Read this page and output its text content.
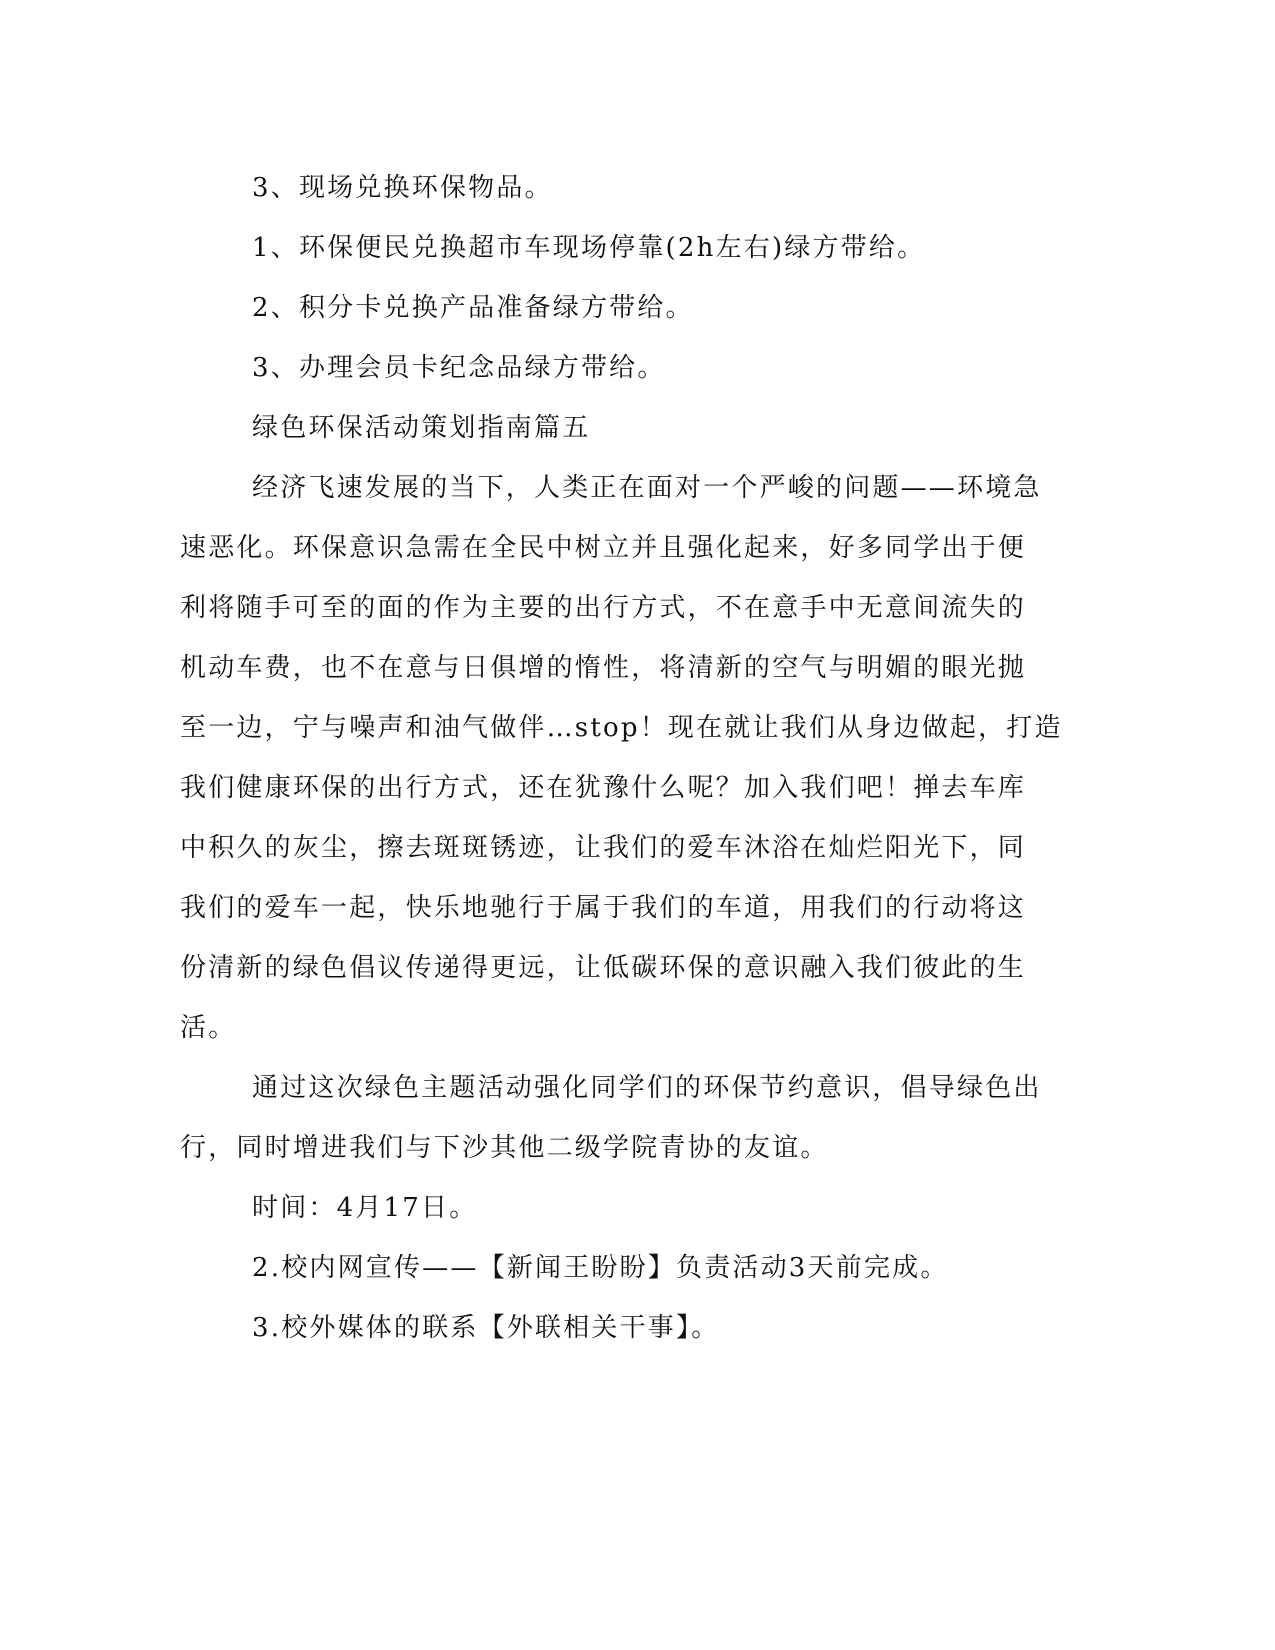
3、现场兑换环保物品。

1、环保便民兑换超市车现场停靠(2h左右)绿方带给。

2、积分卡兑换产品准备绿方带给。

3、办理会员卡纪念品绿方带给。

绿色环保活动策划指南篇五

经济飞速发展的当下，人类正在面对一个严峻的问题——环境急

速恶化。环保意识急需在全民中树立并且强化起来，好多同学出于便

利将随手可至的面的作为主要的出行方式，不在意手中无意间流失的

机动车费，也不在意与日俱增的惰性，将清新的空气与明媚的眼光抛

至一边，宁与噪声和油气做伴…stop！现在就让我们从身边做起，打造

我们健康环保的出行方式，还在犹豫什么呢？加入我们吧！掸去车库

中积久的灰尘，擦去斑斑锈迹，让我们的爱车沐浴在灿烂阳光下，同

我们的爱车一起，快乐地驰行于属于我们的车道，用我们的行动将这

份清新的绿色倡议传递得更远，让低碳环保的意识融入我们彼此的生

活。

通过这次绿色主题活动强化同学们的环保节约意识，倡导绿色出

行，同时增进我们与下沙其他二级学院青协的友谊。

时间：4月17日。

2.校内网宣传——【新闻王盼盼】负责活动3天前完成。

3.校外媒体的联系【外联相关干事】。
